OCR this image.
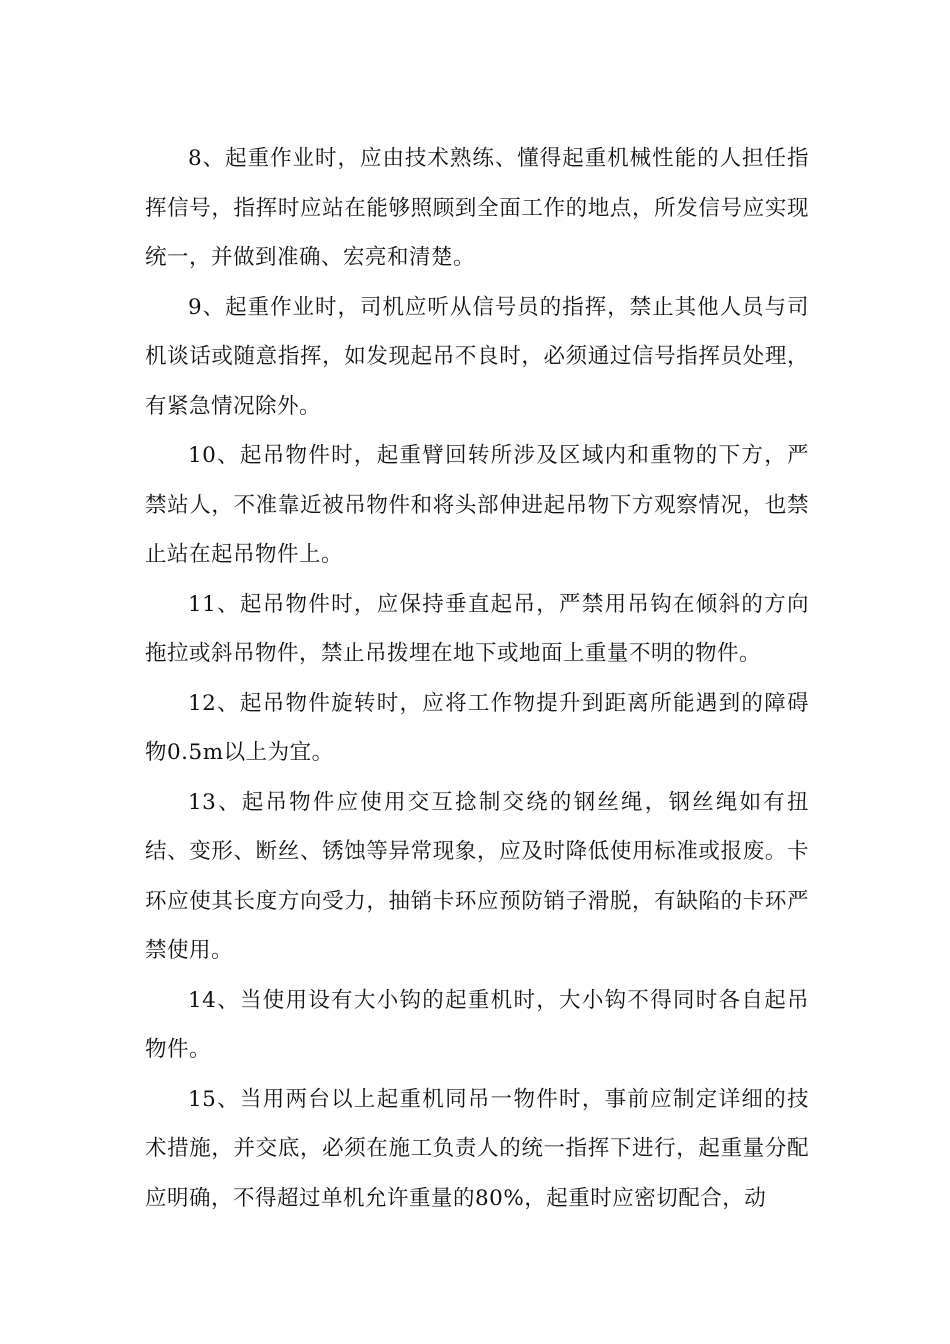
8、起重作业时，应由技术熟练、懂得起重机械性能的人担任指挥信号，指挥时应站在能够照顾到全面工作的地点，所发信号应实现统一，并做到准确、宏亮和清楚。

9、起重作业时，司机应听从信号员的指挥，禁止其他人员与司机谈话或随意指挥，如发现起吊不良时，必须通过信号指挥员处理，有紧急情况除外。

10、起吊物件时，起重臂回转所涉及区域内和重物的下方，严禁站人，不准靠近被吊物件和将头部伸进起吊物下方观察情况，也禁止站在起吊物件上。

11、起吊物件时，应保持垂直起吊，严禁用吊钩在倾斜的方向拖拉或斜吊物件，禁止吊拨埋在地下或地面上重量不明的物件。

12、起吊物件旋转时，应将工作物提升到距离所能遇到的障碍物0.5m以上为宜。

13、起吊物件应使用交互捻制交绕的钢丝绳，钢丝绳如有扭结、变形、断丝、锈蚀等异常现象，应及时降低使用标准或报废。卡环应使其长度方向受力，抽销卡环应预防销子滑脱，有缺陷的卡环严禁使用。

14、当使用设有大小钩的起重机时，大小钩不得同时各自起吊物件。

15、当用两台以上起重机同吊一物件时，事前应制定详细的技术措施，并交底，必须在施工负责人的统一指挥下进行，起重量分配应明确，不得超过单机允许重量的80%，起重时应密切配合，动
